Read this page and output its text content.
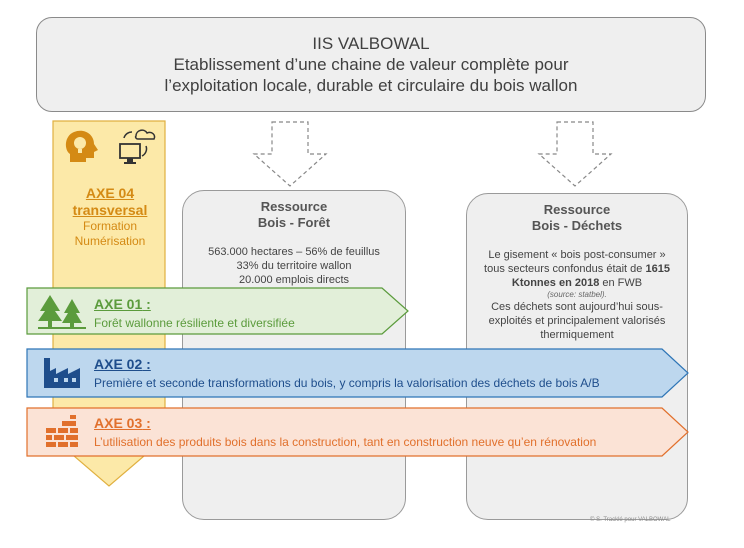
IIS VALBOWAL
Etablissement d’une chaine de valeur complète pour
l’exploitation locale, durable et circulaire du bois wallon
Ressource
Bois - Forêt
563.000 hectares – 56% de feuillus
33% du territoire wallon
20.000 emplois directs
Ressource
Bois - Déchets
Le gisement « bois post-consumer »
tous secteurs confondus était de 1615
Ktonnes en 2018 en FWB
(source: statbel).
Ces déchets sont aujourd’hui sous-
exploités et principalement valorisés
thermiquement
AXE 04
transversal
Formation
Numérisation
AXE 01 :
Forêt wallonne résiliente et diversifiée
AXE 02 :
Première et seconde transformations du bois, y compris la valorisation des déchets de bois A/B
AXE 03 :
L’utilisation des produits bois dans la construction, tant en construction neuve qu’en rénovation
© S. Tracklé pour VALBOWAL
